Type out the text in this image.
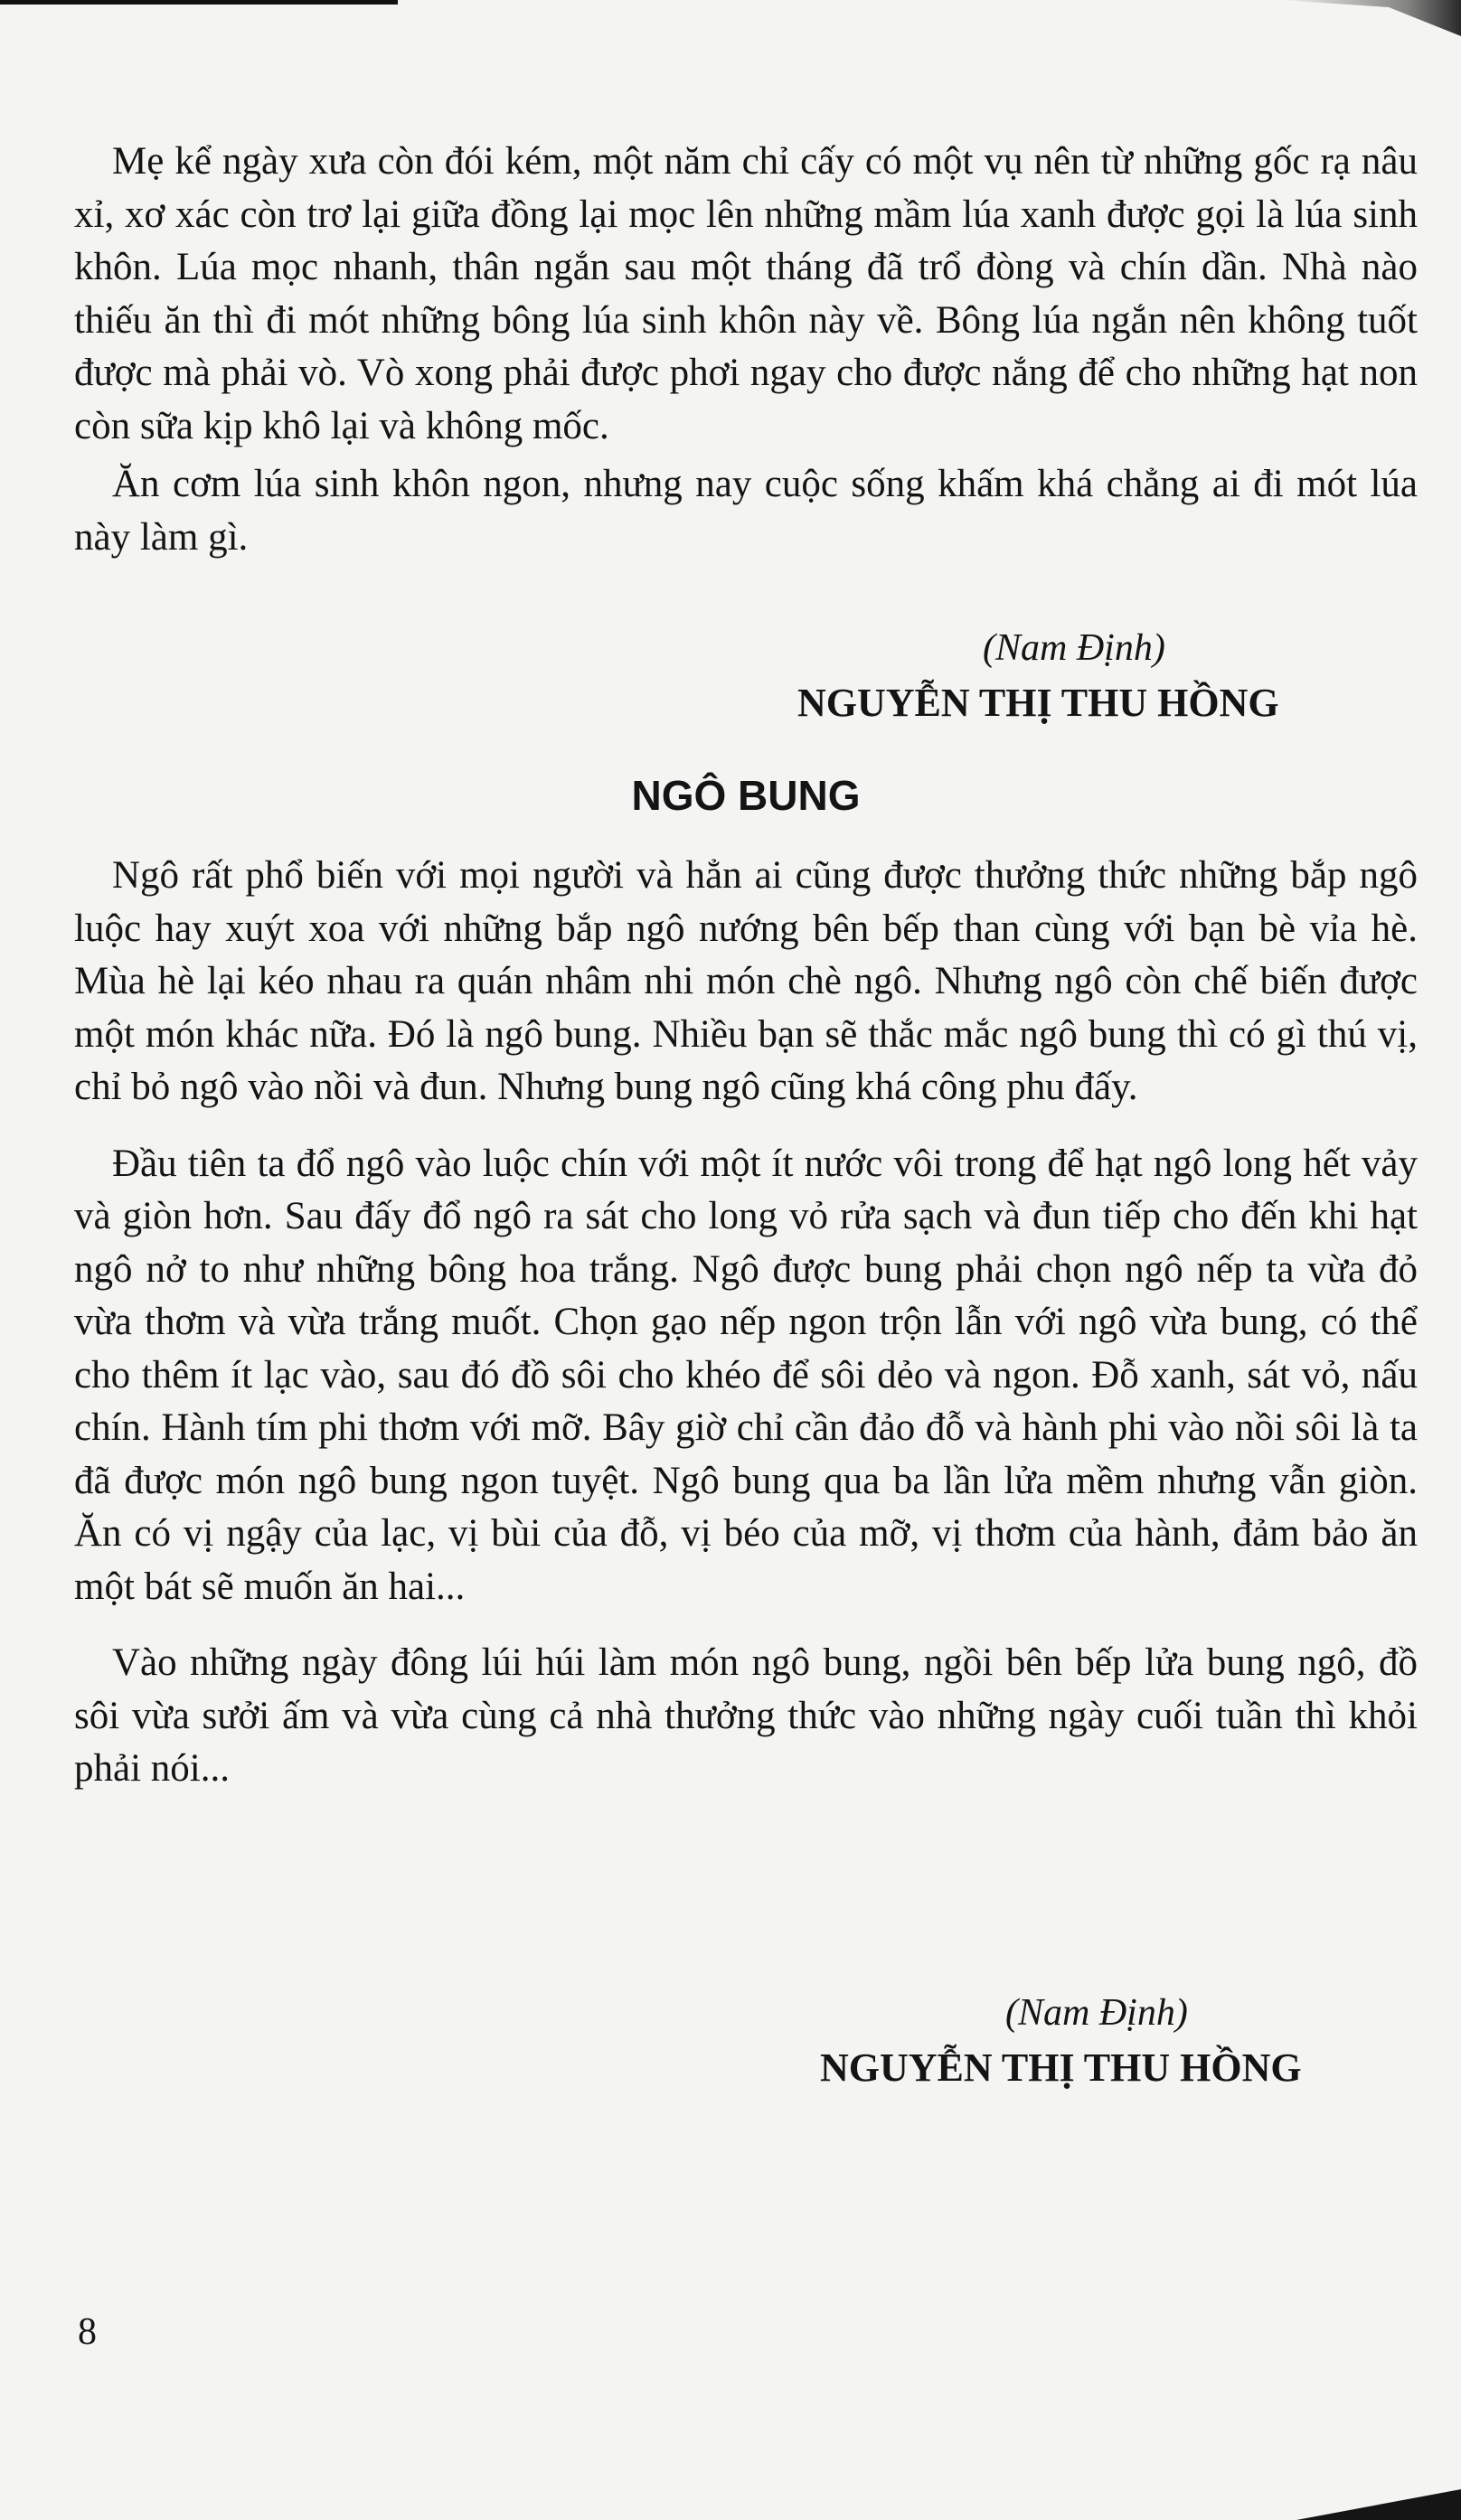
Mẹ kể ngày xưa còn đói kém, một năm chỉ cấy có một vụ nên từ những gốc rạ nâu xỉ, xơ xác còn trơ lại giữa đồng lại mọc lên những mầm lúa xanh được gọi là lúa sinh khôn. Lúa mọc nhanh, thân ngắn sau một tháng đã trổ đòng và chín dần. Nhà nào thiếu ăn thì đi mót những bông lúa sinh khôn này về. Bông lúa ngắn nên không tuốt được mà phải vò. Vò xong phải được phơi ngay cho được nắng để cho những hạt non còn sữa kịp khô lại và không mốc.

Ăn cơm lúa sinh khôn ngon, nhưng nay cuộc sống khấm khá chẳng ai đi mót lúa này làm gì.

(Nam Định)

NGUYỄN THỊ THU HỒNG

NGÔ BUNG

Ngô rất phổ biến với mọi người và hẳn ai cũng được thưởng thức những bắp ngô luộc hay xuýt xoa với những bắp ngô nướng bên bếp than cùng với bạn bè vỉa hè. Mùa hè lại kéo nhau ra quán nhâm nhi món chè ngô. Nhưng ngô còn chế biến được một món khác nữa. Đó là ngô bung. Nhiều bạn sẽ thắc mắc ngô bung thì có gì thú vị, chỉ bỏ ngô vào nồi và đun. Nhưng bung ngô cũng khá công phu đấy.

Đầu tiên ta đổ ngô vào luộc chín với một ít nước vôi trong để hạt ngô long hết vảy và giòn hơn. Sau đấy đổ ngô ra sát cho long vỏ rửa sạch và đun tiếp cho đến khi hạt ngô nở to như những bông hoa trắng. Ngô được bung phải chọn ngô nếp ta vừa đỏ vừa thơm và vừa trắng muốt. Chọn gạo nếp ngon trộn lẫn với ngô vừa bung, có thể cho thêm ít lạc vào, sau đó đồ sôi cho khéo để sôi dẻo và ngon. Đỗ xanh, sát vỏ, nấu chín. Hành tím phi thơm với mỡ. Bây giờ chỉ cần đảo đỗ và hành phi vào nồi sôi là ta đã được món ngô bung ngon tuyệt. Ngô bung qua ba lần lửa mềm nhưng vẫn giòn. Ăn có vị ngậy của lạc, vị bùi của đỗ, vị béo của mỡ, vị thơm của hành, đảm bảo ăn một bát sẽ muốn ăn hai...

Vào những ngày đông lúi húi làm món ngô bung, ngồi bên bếp lửa bung ngô, đồ sôi vừa sưởi ấm và vừa cùng cả nhà thưởng thức vào những ngày cuối tuần thì khỏi phải nói...

(Nam Định)

NGUYỄN THỊ THU HỒNG

8
